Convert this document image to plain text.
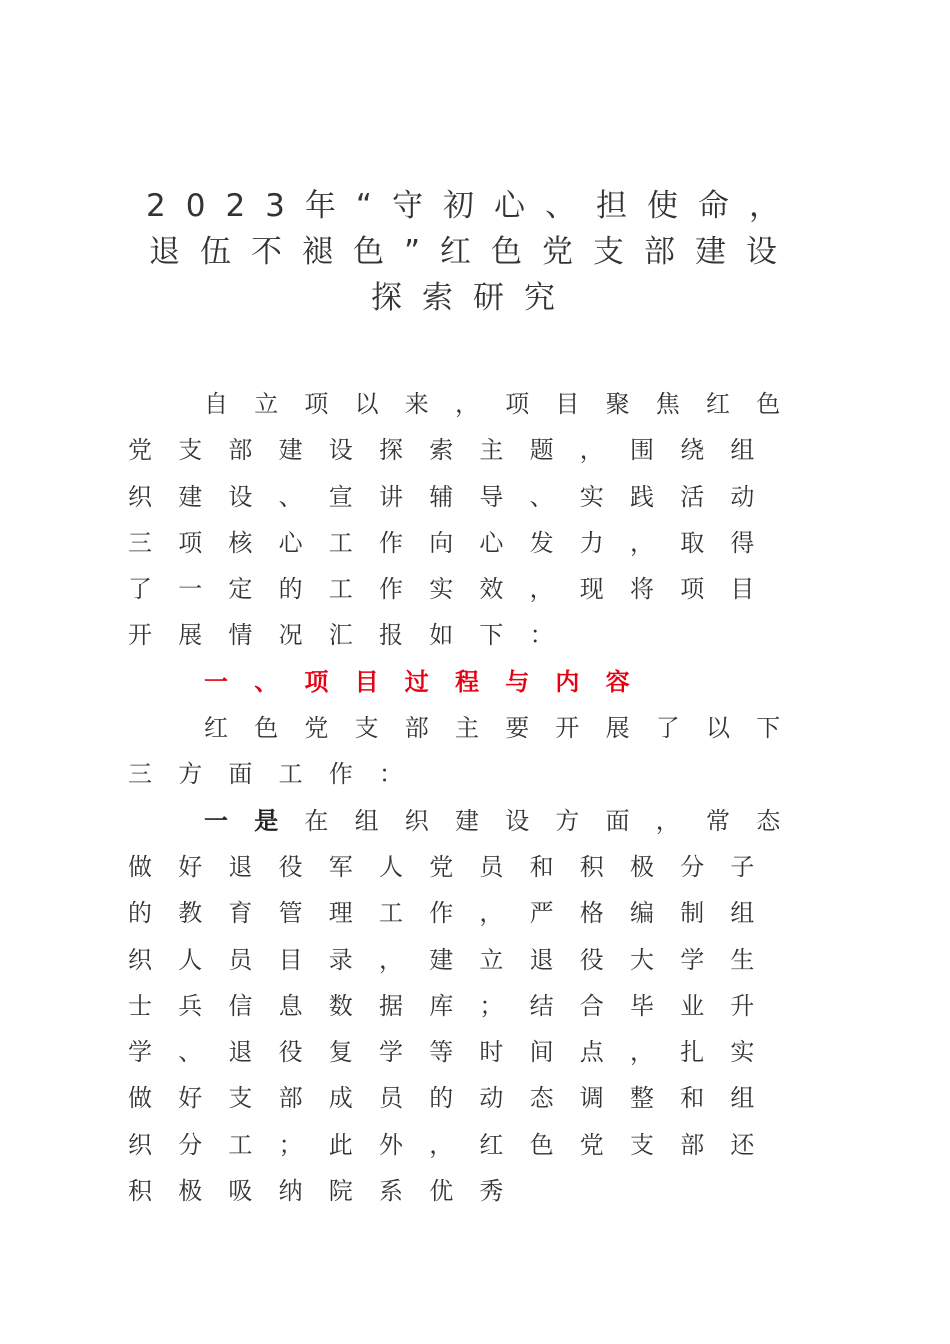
2023年“守初心、担使命，退伍不褪色”红色党支部建设探索研究

自立项以来，项目聚焦红色党支部建设探索主题，围绕组织建设、宣讲辅导、实践活动三项核心工作向心发力，取得了一定的工作实效，现将项目开展情况汇报如下：

一、项目过程与内容

红色党支部主要开展了以下三方面工作：

一是在组织建设方面，常态做好退役军人党员和积极分子的教育管理工作，严格编制组织人员目录，建立退役大学生士兵信息数据库；结合毕业升学、退役复学等时间点，扎实做好支部成员的动态调整和组织分工；此外，红色党支部还积极吸纳院系优秀
